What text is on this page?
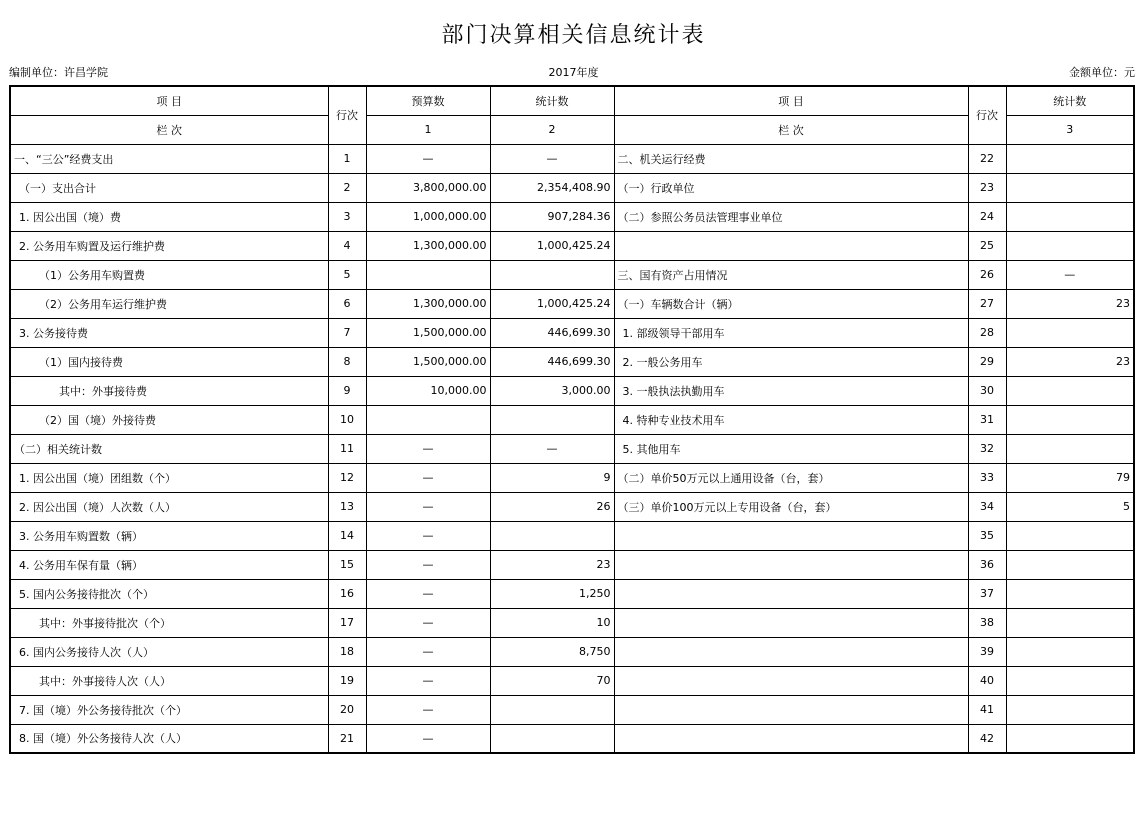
部门决算相关信息统计表
编制单位：许昌学院	2017年度	金额单位：元
项 目	行次	预算数	统计数	项 目	行次	统计数
栏 次		1	2	栏 次		3
一、“三公”经费支出	1	—	—	二、机关运行经费	22	
（一）支出合计	2	3,800,000.00	2,354,408.90	（一）行政单位	23	
1. 因公出国（境）费	3	1,000,000.00	907,284.36	（二）参照公务员法管理事业单位	24	
2. 公务用车购置及运行维护费	4	1,300,000.00	1,000,425.24		25	
（1）公务用车购置费	5			三、国有资产占用情况	26	—
（2）公务用车运行维护费	6	1,300,000.00	1,000,425.24	（一）车辆数合计（辆）	27	23
3. 公务接待费	7	1,500,000.00	446,699.30	1. 部级领导干部用车	28	
（1）国内接待费	8	1,500,000.00	446,699.30	2. 一般公务用车	29	23
其中：外事接待费	9	10,000.00	3,000.00	3. 一般执法执勤用车	30	
（2）国（境）外接待费	10			4. 特种专业技术用车	31	
（二）相关统计数	11	—	—	5. 其他用车	32	
1. 因公出国（境）团组数（个）	12	—	9	（二）单价50万元以上通用设备（台，套）	33	79
2. 因公出国（境）人次数（人）	13	—	26	（三）单价100万元以上专用设备（台，套）	34	5
3. 公务用车购置数（辆）	14	—			35	
4. 公务用车保有量（辆）	15	—	23		36	
5. 国内公务接待批次（个）	16	—	1,250		37	
其中：外事接待批次（个）	17	—	10		38	
6. 国内公务接待人次（人）	18	—	8,750		39	
其中：外事接待人次（人）	19	—	70		40	
7. 国（境）外公务接待批次（个）	20	—			41	
8. 国（境）外公务接待人次（人）	21	—			42	
